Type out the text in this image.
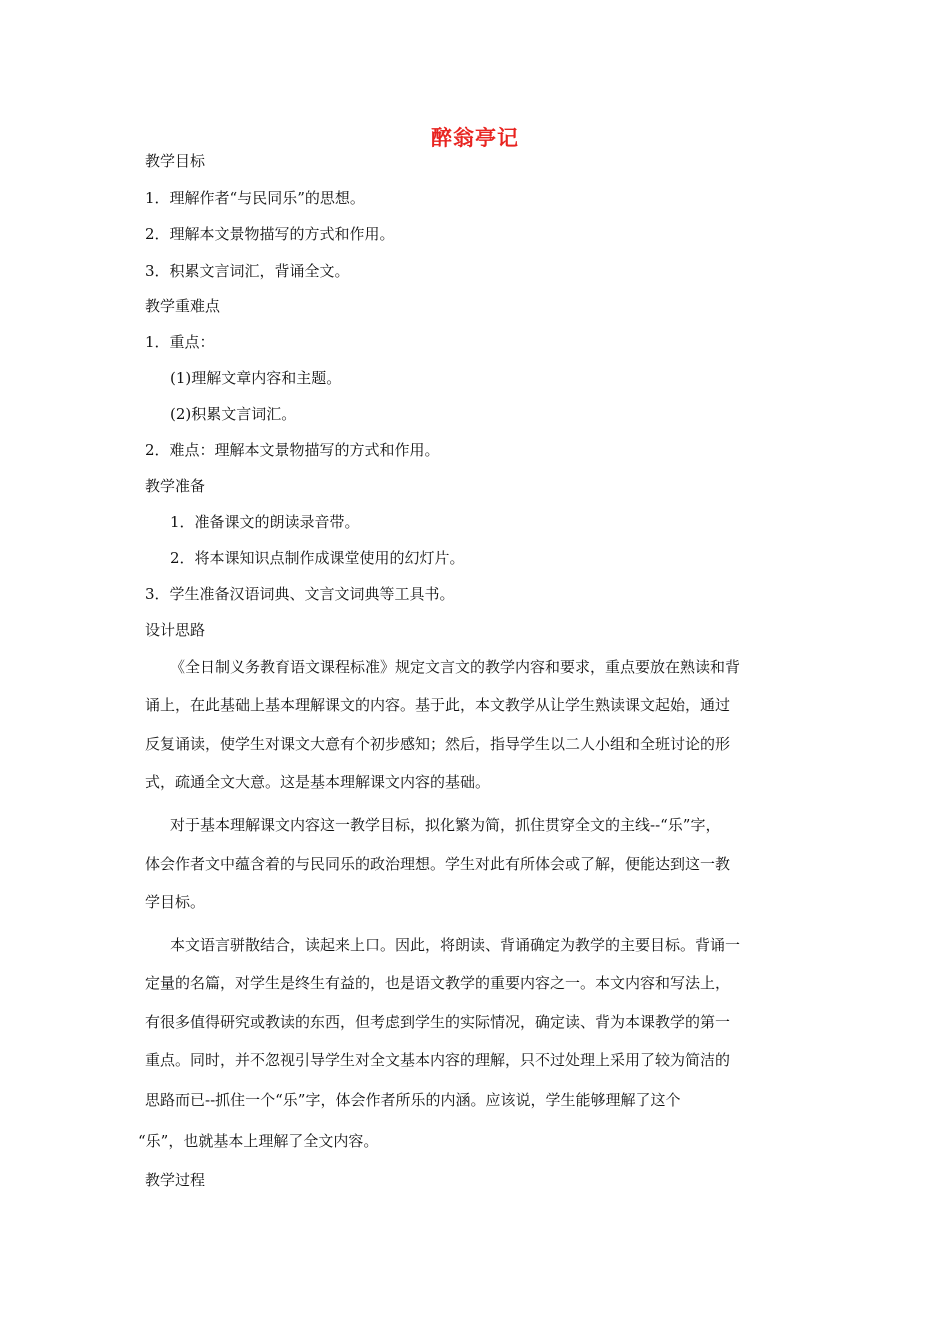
醉翁亭记
教学目标
1．理解作者“与民同乐”的思想。
2．理解本文景物描写的方式和作用。
3．积累文言词汇，背诵全文。
教学重难点
1．重点：
(1)理解文章内容和主题。
(2)积累文言词汇。
2．难点：理解本文景物描写的方式和作用。
教学准备
1．准备课文的朗读录音带。
2．将本课知识点制作成课堂使用的幻灯片。
3．学生准备汉语词典、文言文词典等工具书。
设计思路
《全日制义务教育语文课程标准》规定文言文的教学内容和要求，重点要放在熟读和背
诵上，在此基础上基本理解课文的内容。基于此，本文教学从让学生熟读课文起始，通过
反复诵读，使学生对课文大意有个初步感知；然后，指导学生以二人小组和全班讨论的形
式，疏通全文大意。这是基本理解课文内容的基础。
对于基本理解课文内容这一教学目标，拟化繁为简，抓住贯穿全文的主线--“乐”字，
体会作者文中蕴含着的与民同乐的政治理想。学生对此有所体会或了解，便能达到这一教
学目标。
本文语言骈散结合，读起来上口。因此，将朗读、背诵确定为教学的主要目标。背诵一
定量的名篇，对学生是终生有益的，也是语文教学的重要内容之一。本文内容和写法上，
有很多值得研究或教读的东西，但考虑到学生的实际情况，确定读、背为本课教学的第一
重点。同时，并不忽视引导学生对全文基本内容的理解，只不过处理上采用了较为简洁的
思路而已--抓住一个“乐”字，体会作者所乐的内涵。应该说，学生能够理解了这个
“乐”，也就基本上理解了全文内容。
教学过程
